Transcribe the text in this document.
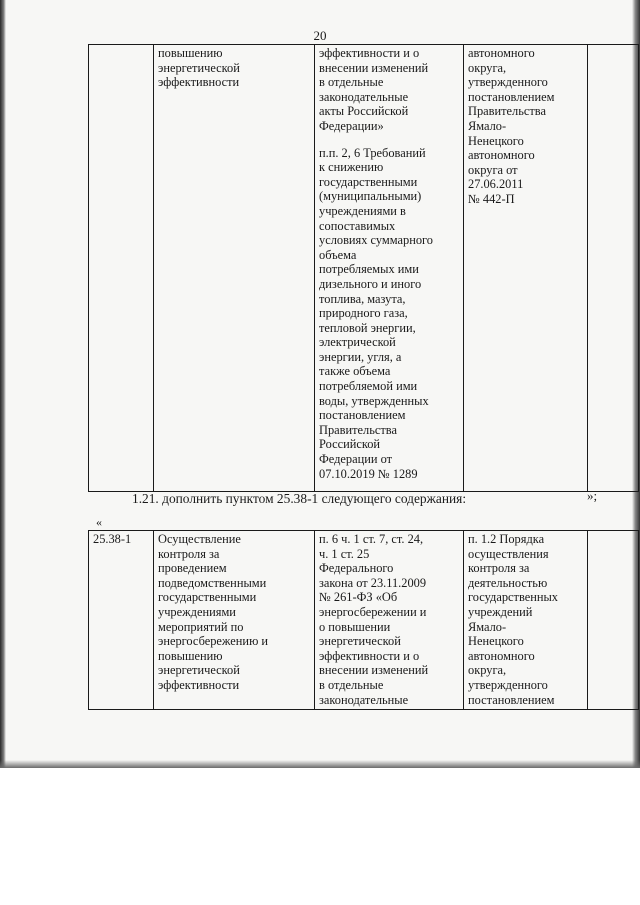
20
	повышению
энергетической
эффективности	эффективности и о
внесении изменений
в отдельные
законодательные
акты Российской
Федерации»
п.п. 2, 6 Требований
к снижению
государственными
(муниципальными)
учреждениями в
сопоставимых
условиях суммарного
объема
потребляемых ими
дизельного и иного
топлива, мазута,
природного газа,
тепловой энергии,
электрической
энергии, угля, а
также объема
потребляемой ими
воды, утвержденных
постановлением
Правительства
Российской
Федерации от
07.10.2019 № 1289	автономного
округа,
утвержденного
постановлением
Правительства
Ямало-
Ненецкого
автономного
округа от
27.06.2011
№ 442-П	
1.21. дополнить пунктом 25.38-1 следующего содержания:	»;
«
25.38-1	Осуществление
контроля за
проведением
подведомственными
государственными
учреждениями
мероприятий по
энергосбережению и
повышению
энергетической
эффективности	п. 6 ч. 1 ст. 7, ст. 24,
ч. 1 ст. 25
Федерального
закона от 23.11.2009
№ 261-ФЗ «Об
энергосбережении и
о повышении
энергетической
эффективности и о
внесении изменений
в отдельные
законодательные	п. 1.2 Порядка
осуществления
контроля за
деятельностью
государственных
учреждений
Ямало-
Ненецкого
автономного
округа,
утвержденного
постановлением	
